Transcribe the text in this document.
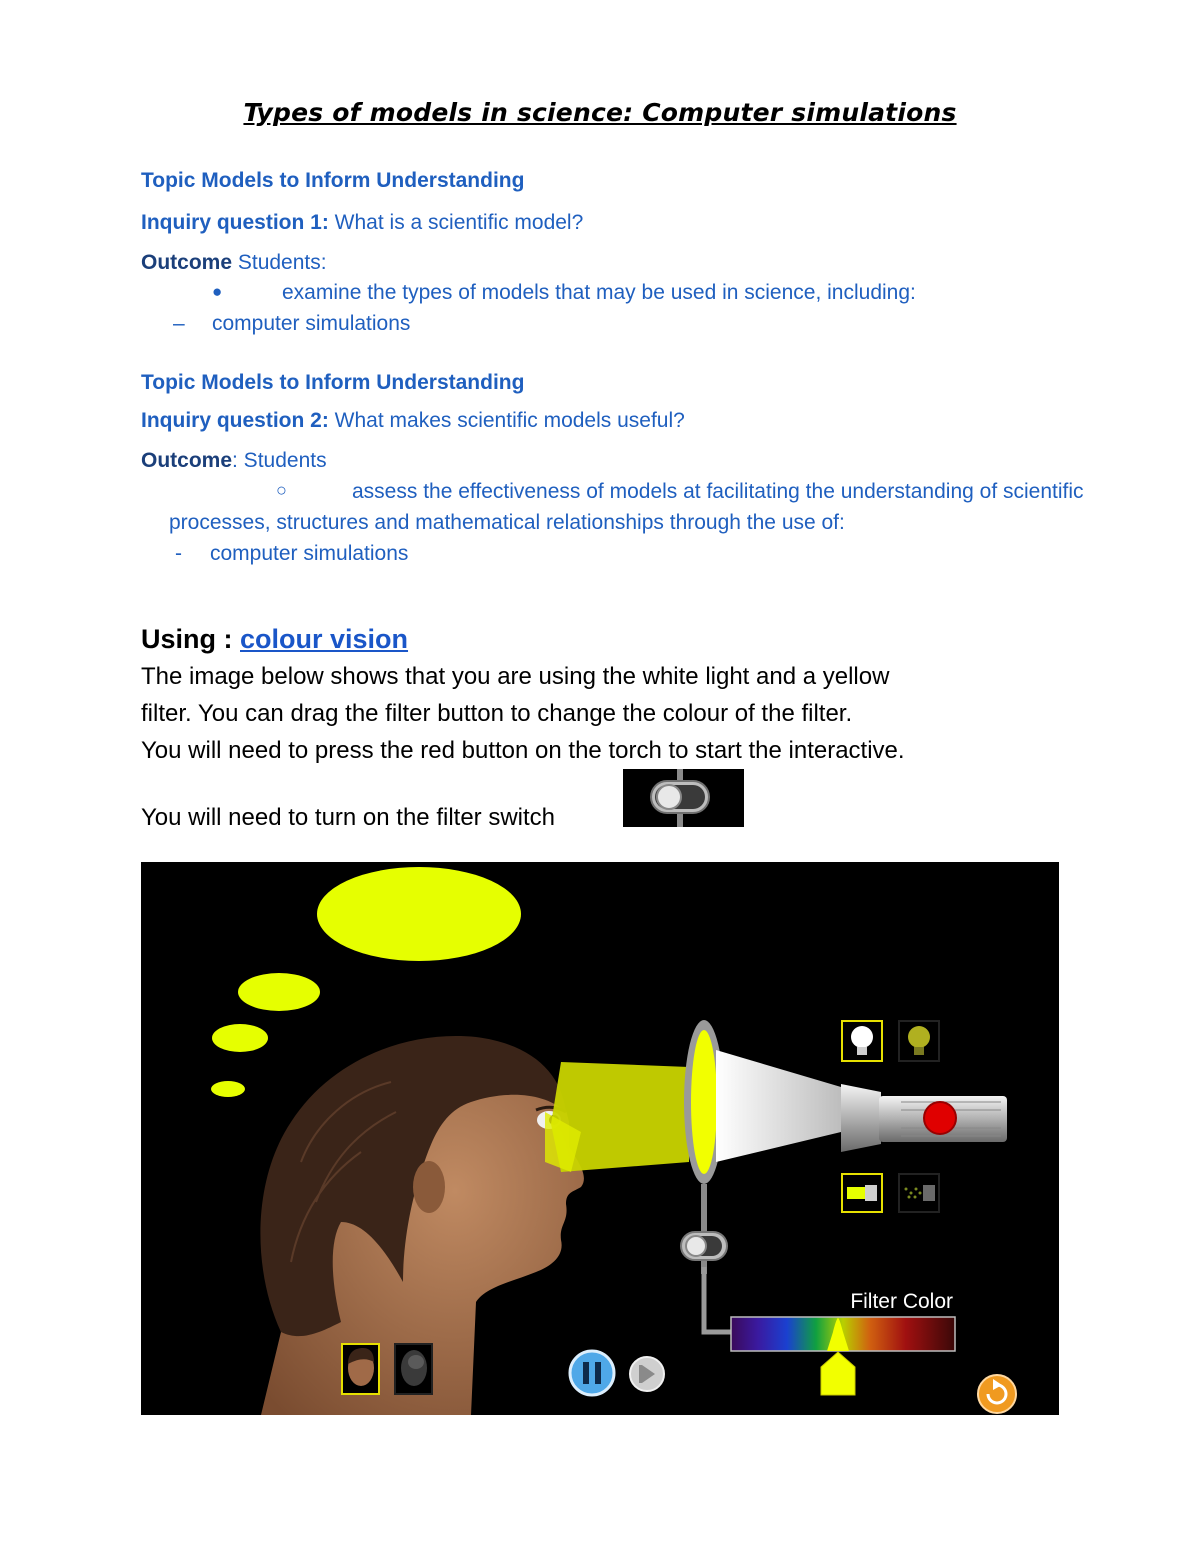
Types of models in science: Computer simulations
Topic Models to Inform Understanding
Inquiry question 1: What is a scientific model?
Outcome Students:
●	examine the types of models that may be used in science, including:
– computer simulations
Topic Models to Inform Understanding
Inquiry question 2: What makes scientific models useful?
Outcome: Students
○	assess the effectiveness of models at facilitating the understanding of scientific
processes, structures and mathematical relationships through the use of:
- computer simulations
Using : colour vision
The image below shows that you are using the white light and a yellow
filter. You can drag the filter button to change the colour of the filter.
You will need to press the red button on the torch to start the interactive.
You will need to turn on the filter switch
Filter Color
